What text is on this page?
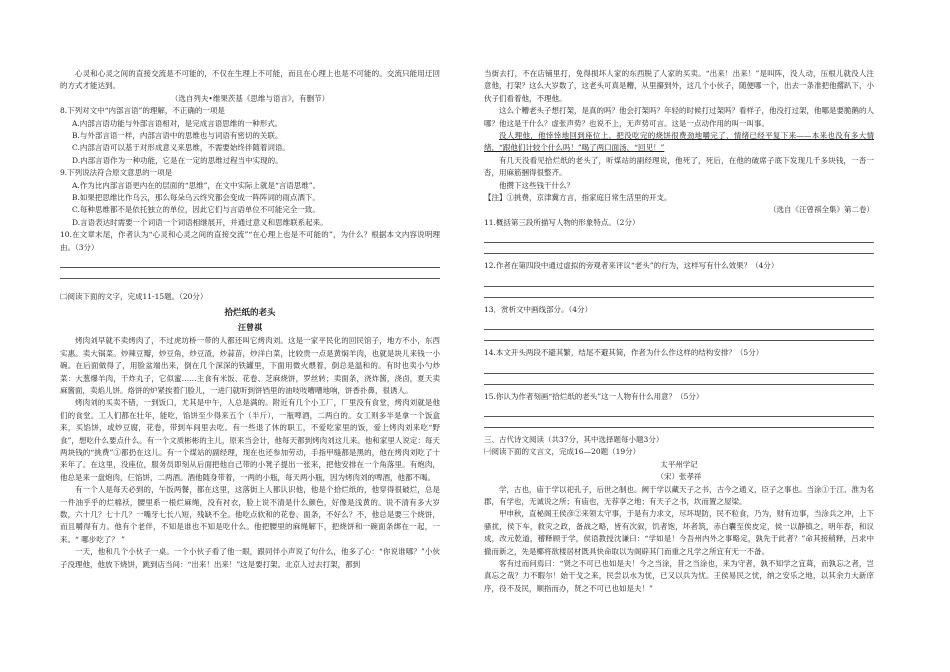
心灵和心灵之间的直接交流是不可能的，不仅在生理上不可能，而且在心理上也是不可能的。交流只能用迂回的方式才能达到。

（选自列夫•维果茨基《思维与语言》，有删节）

8.下列对文中“内部言语”的理解，不正确的一项是

A.内部言语功能与外部言语相对，是完成言语思维的一种形式。

B.与外部言语一样，内部言语中的思维也与词语有密切的关联。

C.内部言语可以基于对形成意义来思维，不需要始终伴随着词语。

D.内部言语作为一种功能，它是在一定的思维过程当中实现的。

9.下列说法符合原文意思的一项是

A.作为比内部言语更内在的层面的“思维”，在文中实际上就是“言语思维”。

B.如果把思维比作乌云，那么每朵乌云终究都会变成一阵阵词的雨点洒下。

C.每种思维都不是依托独立的单位，因此它们与言语单位不可能完全一致。

D.言语表达时需要一个词语一个词语相继展开，并通过意义和思维联系起来。

10.在文章末尾，作者认为“心灵和心灵之间的直接交流”“在心理上也是不可能的”，为什么？根据本文内容说明理由。（3分）

㈡阅读下面的文字，完成11-15题。（20分）

拾烂纸的老头

汪曾祺

烤肉刘早就不卖烤肉了，不过虎坊桥一带的人都还叫它烤肉刘。这是一家平民化的回民馆子，地方不小，东西实惠。卖大锅菜。炒辣豆瓣，炒豆角，炒豆渣，炒蒜苗，炒洋白菜，比较贵一点是黄焖羊肉，也就是块儿来钱一小碗。在后面做得了，用脸盆端出来，倒在几个深深的铁罐里，下面用微火煨着，倒总是温和的。有时也卖小勺炒菜：大葱爆羊肉，干炸丸子，它似蜜……主食有米饭、花卷、芝麻烧饼，罗丝转；卖面条，浇炸酱，浇卤，夏天卖麻酱面，卖焰儿饼。烙饼的炉紧挨着门脸儿，一进门就听到饼铛里的油吱吱嘈嘈地响，饼香扑鼻，很诱人。

烤肉刘的买卖不错，一到饭口，尤其是中午，人总是满的。附近有几个小工厂，厂里没有食堂，烤肉刘就是他们的食堂。工人们都在壮年，能吃，馅饼至少得来五个（半斤），一瓶啤酒，二两白的。女工则多半是拿一个饭盒来，买馅饼，或炒豆腐，花卷，带到车间里去吃。有一些退了休的职工，不爱吃家里的饭，爱上烤肉刘来吃“野食”，想吃什么要点什么。有一个文质彬彬的主儿，原来当会计，他每天都到烤肉刘这儿来。他和家里人说定：每天两块钱的“挑费”①都扔在这儿。有一个煤站的副经理，现在也还参加劳动，手指甲缝都是黑的，他在烤肉刘吃了十来年了。在这里，没座位，服务员即刻从后面把他自己带的小凳子提出一张来，把他安排在一个角落里。有炮肉，他总是来一盘炮肉，仨馅饼，二两酒。酒他随身带着，一两的小瓶，每天两小瓶，因为烤肉刘的啤酒，他都不喝。

有一个人是每天必到的，午饭两餐，都在这里，这落街上人都认识他，他是个拾烂纸的，他穿得很破烂，总是一件油乎乎的烂棉袄，腰里系一根烂麻绳，没有衬衣，脸上说不清是什么颜色，好像是浅黄的。说不清有多大岁数，六十几？七十几？一嘴牙七长八短，残缺不全。他吃点软和的花卷、面条，不好么？不，他总是要三个烧饼，而且嚼得有力。他有个老伴，不知是谁也不知是吃什么。他把腰里的麻绳解下，把烧饼和一碗面条绑在一起，一来。“ 哪步吃了？ ”

一天，他和几个小伙子一桌。一个小伙子看了他一眼，跟同伴小声说了句什么，他多了心：“你说谁哪？”小伙子没理他，他放下烧饼，跳到店当间：“出来！出来！”这是要打架。北京人过去打架，都到

当街去打，不在店铺里打，免得损坏人家的东西脱了人家的买卖。“出来！出来！”是叫阵，没人动，压根儿就没人注意他，打架？这么大岁数了，这老头可真是糟，从里攥到外，这几个小伙子，随便哪一个，出去一条准把他撂趴下，小伙子们看着他，不理他。

这么个糟老头子想打架，是真的吗？他会打架吗？年轻的时候打过架吗？看样子，他没打过架，他哪是要脆鹅的人哪？他这是干什么？虚张声势？也说不上，无声势可言。这是一点动作用的叫一叫事。

没人理他，他悻悻地回到座位上，把没吃完的烧饼很费劲地嚼完了，情绪已经平复下来——本来也没有多大情绪，“跟他们计较个什么吗！”喝了两口面汤，“回见！”

有几天没看见拾烂纸的老头了，听煤站的副经理说，他死了，死后，在他的破席子底下发现几千多块钱，一沓一沓，用麻筋捆得很整齐。

他攒下这些钱干什么？

【注】①挑费，京津冀方言，指家庭日常生活里的开支。

（选自《汪曾祺全集》第二卷）

11.概括第三段所描写人物的形象特点。（2分）

12.作者在第四段中通过虚拟的旁观者来评议“老头”的行为，这样写有什么效果？（4分）

13．赏析文中画线部分。（4分）

14.本文开头两段不避其繁，结尾不避其简，作者为什么作这样的结构安排？（5分）

15.你认为作者刻画“拾烂纸的老头”这一人物有什么用意？（5分）

三、古代诗文阅读（共37分，其中选择题每小题3分）

㈠阅读下面的文言文，完成16—20题（19分）

太平州学记

（宋）张孝祥

学，古也，庙于学以祀孔子，后世之制也。阙于学以藏天子之书，古今之通义，臣子之事也。当涂①于江、淮为名郡，有学也，无诚说之所；有庙也，无荐享之地；有天子之书，坎而置之屋梁。

甲申秋，直秘阁王侯彦②来领太守事，于是有力求文，尽坏堤防，民不粒食，乃为，财有边事，当涂兵之冲，上下骚扰，侯下车，救灾之政，备战之略，皆有次叙，饥者饱，坏者筑，赤白囊至俟皮定，侯一以静镇之。明年春，和议成，改元乾道，稽释顾于学，侯语教授沈谦曰：“学如是！今吾州内外之事略定，孰先于此者？”命其接稍释，吕求中撤而新之，先是椰将欲楼居材既具快命取以为阁辟其门而重之凡学之所宜有无一不备。

客有过而问焉曰：“贤之不可已也如是夫！今之当涂，昔之当涂也，来为守者，孰不知学之宜葺，而孰忘之者，岂真忘之哉？力不暇尔！始干戈之来，民尝以水为忧，已又以兵为忧。王侯易民之忧，纳之安乐之地，以其余力大新庠序，役不及民，顺指而办，贤之不可已也如是夫！”
